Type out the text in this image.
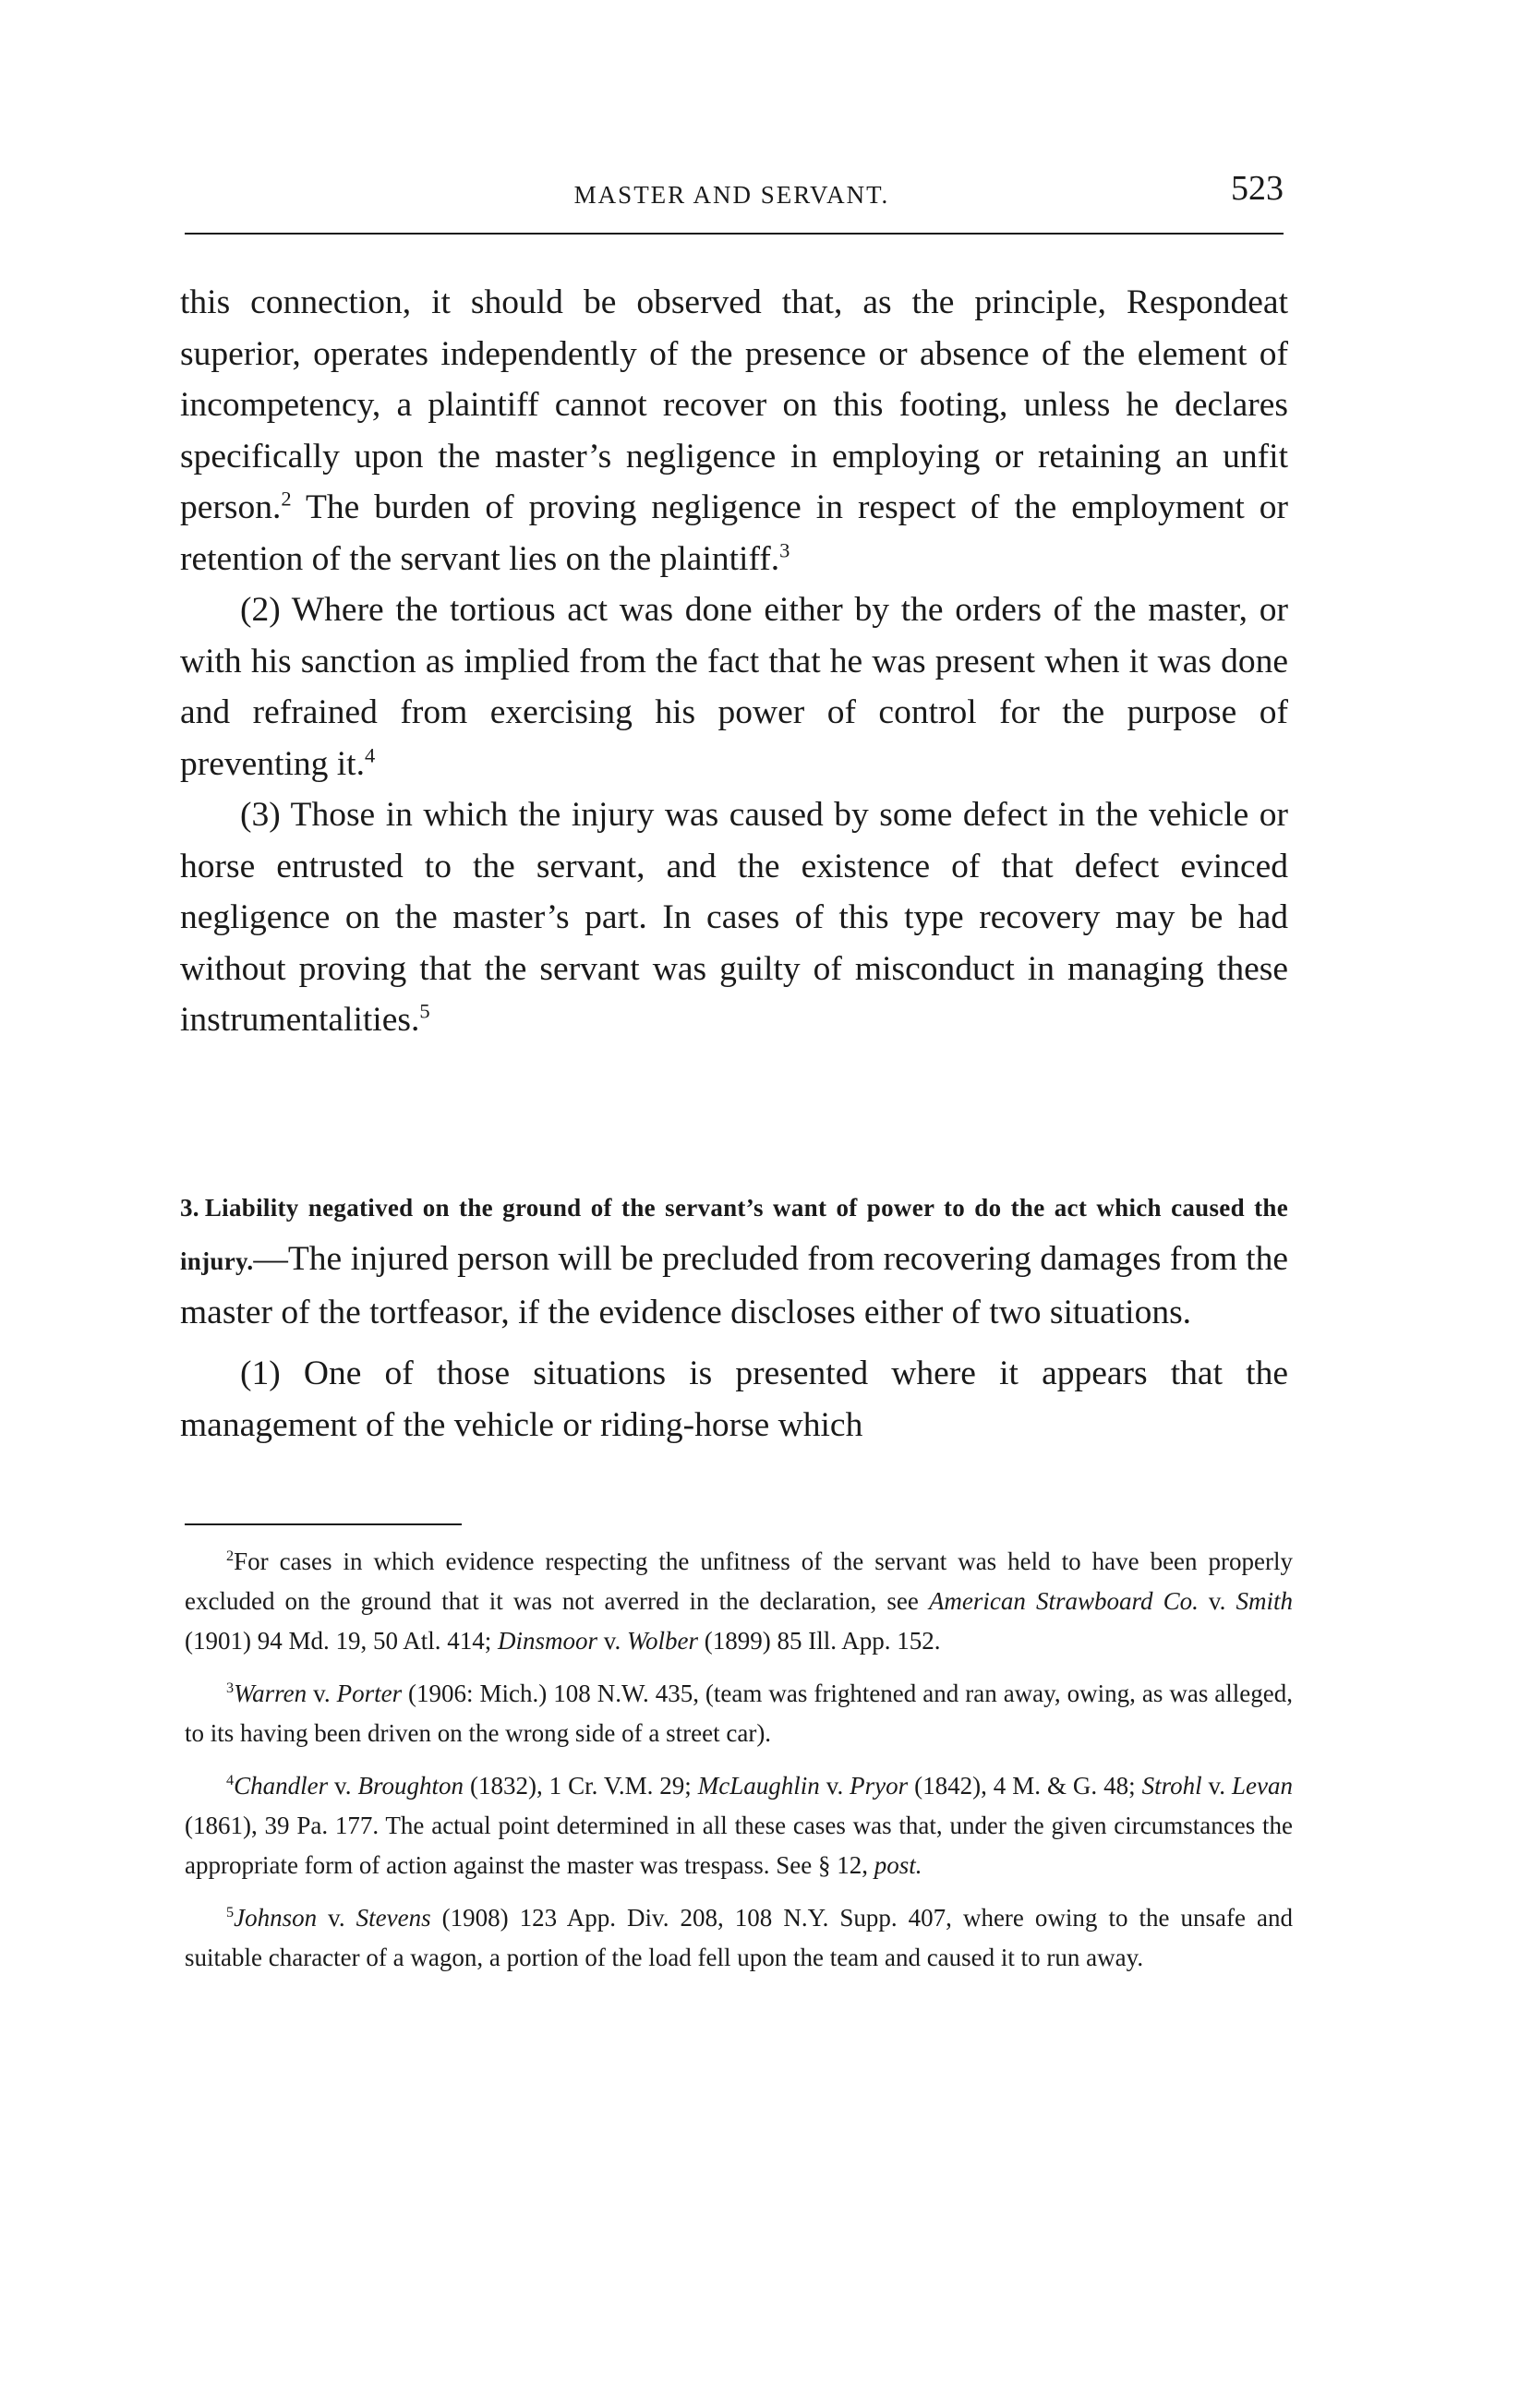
MASTER AND SERVANT.	523

this connection, it should be observed that, as the principle, Respondeat superior, operates independently of the presence or absence of the element of incompetency, a plaintiff cannot recover on this footing, unless he declares specifically upon the master’s negligence in employing or retaining an unfit person.$^2$ The burden of proving negligence in respect of the employment or retention of the servant lies on the plaintiff.$^3$

(2) Where the tortious act was done either by the orders of the master, or with his sanction as implied from the fact that he was present when it was done and refrained from exercising his power of control for the purpose of preventing it.$^4$

(3) Those in which the injury was caused by some defect in the vehicle or horse entrusted to the servant, and the existence of that defect evinced negligence on the master’s part. In cases of this type recovery may be had without proving that the servant was guilty of misconduct in managing these instrumentalities.$^5$

3. Liability negatived on the ground of the servant’s want of power to do the act which caused the injury.—The injured person will be precluded from recovering damages from the master of the tortfeasor, if the evidence discloses either of two situations.

(1) One of those situations is presented where it appears that the management of the vehicle or riding-horse which

$^2$For cases in which evidence respecting the unfitness of the servant was held to have been properly excluded on the ground that it was not averred in the declaration, see American Strawboard Co. v. Smith (1901) 94 Md. 19, 50 Atl. 414; Dinsmoor v. Wolber (1899) 85 Ill. App. 152.

$^3$Warren v. Porter (1906: Mich.) 108 N.W. 435, (team was frightened and ran away, owing, as was alleged, to its having been driven on the wrong side of a street car).

$^4$Chandler v. Broughton (1832), 1 Cr. V.M. 29; McLaughlin v. Pryor (1842), 4 M. & G. 48; Strohl v. Levan (1861), 39 Pa. 177. The actual point determined in all these cases was that, under the given circumstances the appropriate form of action against the master was trespass. See § 12, post.

$^5$Johnson v. Stevens (1908) 123 App. Div. 208, 108 N.Y. Supp. 407, where owing to the unsafe and suitable character of a wagon, a portion of the load fell upon the team and caused it to run away.
